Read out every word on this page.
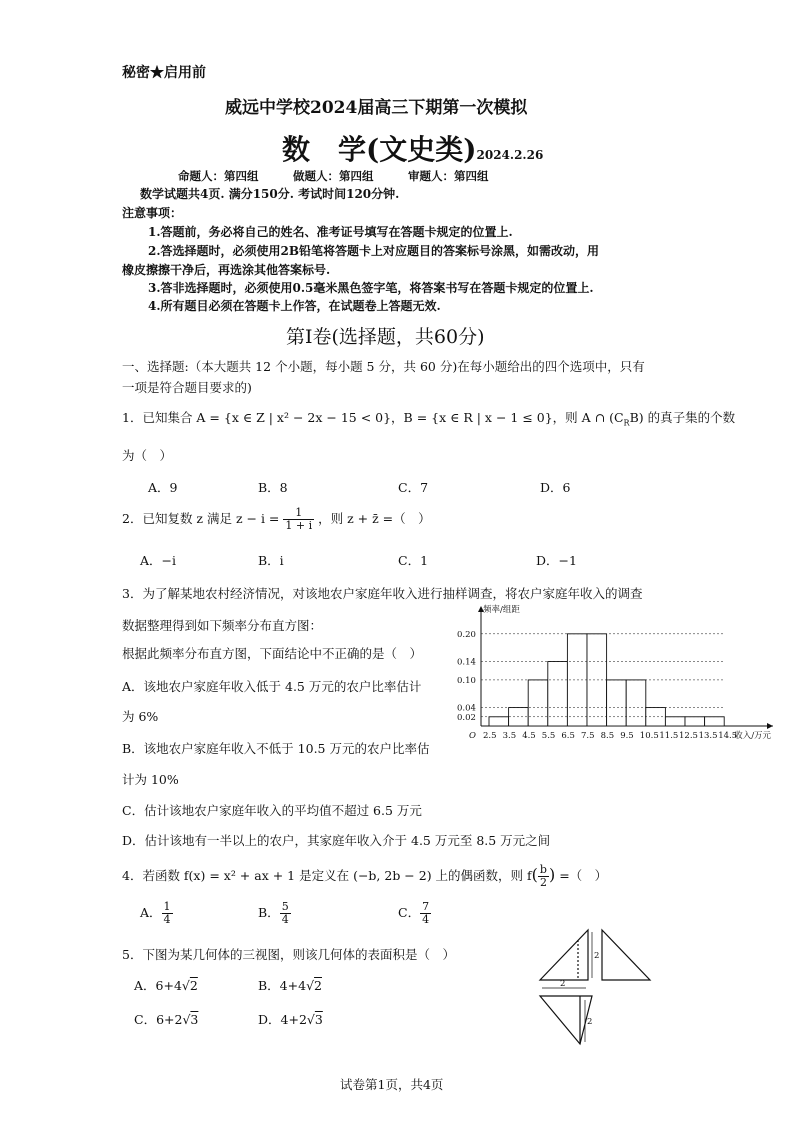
秘密★启用前
威远中学校2024届高三下期第一次模拟
数　学(文史类)2024.2.26
命题人：第四组　　　做题人：第四组　　　审题人：第四组
数学试题共4页. 满分150分. 考试时间120分钟.
注意事项：
1.答题前，务必将自己的姓名、准考证号填写在答题卡规定的位置上.
2.答选择题时，必须使用2B铅笔将答题卡上对应题目的答案标号涂黑，如需改动，用
橡皮擦擦干净后，再选涂其他答案标号.
3.答非选择题时，必须使用0.5毫米黑色签字笔，将答案书写在答题卡规定的位置上.
4.所有题目必须在答题卡上作答，在试题卷上答题无效.
第Ⅰ卷(选择题，共60分)
一、选择题:（本大题共 12 个小题，每小题 5 分，共 60 分)在每小题给出的四个选项中，只有
一项是符合题目要求的)
1．已知集合 A = {x ∈ Z | x² − 2x − 15 < 0}，B = {x ∈ R | x − 1 ≤ 0}，则 A ∩ $(C_RB)$ 的真子集的个数
为（　）
A．9	B．8	C．7	D．6
2．已知复数 z 满足 $z - i = \frac{1}{1 + i}$ ，则 z + z̄ =（　）
A．−i	B．i	C．1	D．−1
3．为了解某地农村经济情况，对该地农户家庭年收入进行抽样调查，将农户家庭年收入的调查
数据整理得到如下频率分布直方图：
根据此频率分布直方图，下面结论中不正确的是（　）
A．该地农户家庭年收入低于 4.5 万元的农户比率估计
为 6%
B．该地农户家庭年收入不低于 10.5 万元的农户比率估
计为 10%
C．估计该地农户家庭年收入的平均值不超过 6.5 万元
D．估计该地有一半以上的农户，其家庭年收入介于 4.5 万元至 8.5 万元之间
0.20
0.14
0.10
0.04
0.02
2.5 3.5 4.5 5.5 6.5 7.5 8.5 9.5 10.5 11.5 12.5 13.5 14.5
O
频率/组距
收入/万元
4．若函数 f(x) = x² + ax + 1 是定义在 (−b, 2b − 2) 上的偶函数，则 $f( \frac{b}{2}$ ) =（　）
A． $\frac{1}{4}$	B． $\frac{5}{4}$	C． $\frac{7}{4}$
5．下图为某几何体的三视图，则该几何体的表面积是（　）
A．6+4√2	B．4+4√2
C．6+2√3	D．4+2√3
2
2
2
试卷第1页，共4页
